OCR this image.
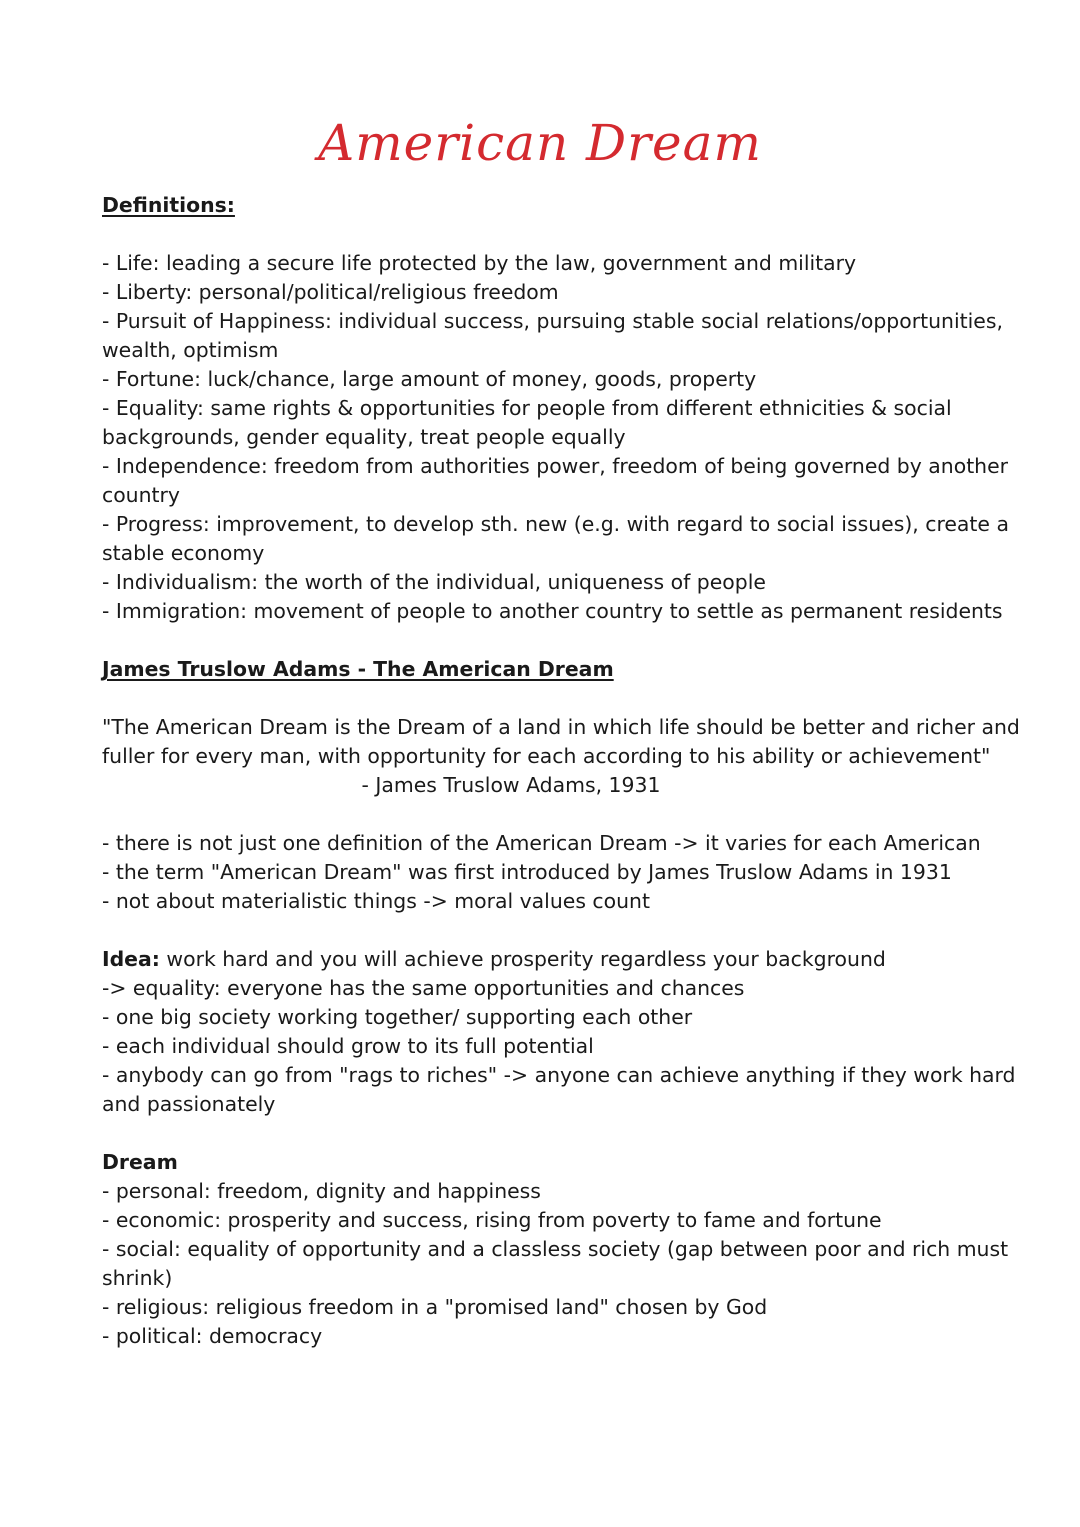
American Dream
Definitions:
- Life: leading a secure life protected by the law, government and military
- Liberty: personal/political/religious freedom
- Pursuit of Happiness: individual success, pursuing stable social relations/opportunities,
wealth, optimism
- Fortune: luck/chance, large amount of money, goods, property
- Equality: same rights & opportunities for people from different ethnicities & social
backgrounds, gender equality, treat people equally
- Independence: freedom from authorities power, freedom of being governed by another
country
- Progress: improvement, to develop sth. new (e.g. with regard to social issues), create a
stable economy
- Individualism: the worth of the individual, uniqueness of people
- Immigration: movement of people to another country to settle as permanent residents
James Truslow Adams - The American Dream
"The American Dream is the Dream of a land in which life should be better and richer and
fuller for every man, with opportunity for each according to his ability or achievement"
- James Truslow Adams, 1931
- there is not just one definition of the American Dream -> it varies for each American
- the term "American Dream" was first introduced by James Truslow Adams in 1931
- not about materialistic things -> moral values count
Idea: work hard and you will achieve prosperity regardless your background
-> equality: everyone has the same opportunities and chances
- one big society working together/ supporting each other
- each individual should grow to its full potential
- anybody can go from "rags to riches" -> anyone can achieve anything if they work hard
and passionately
Dream
- personal: freedom, dignity and happiness
- economic: prosperity and success, rising from poverty to fame and fortune
- social: equality of opportunity and a classless society (gap between poor and rich must
shrink)
- religious: religious freedom in a "promised land" chosen by God
- political: democracy
